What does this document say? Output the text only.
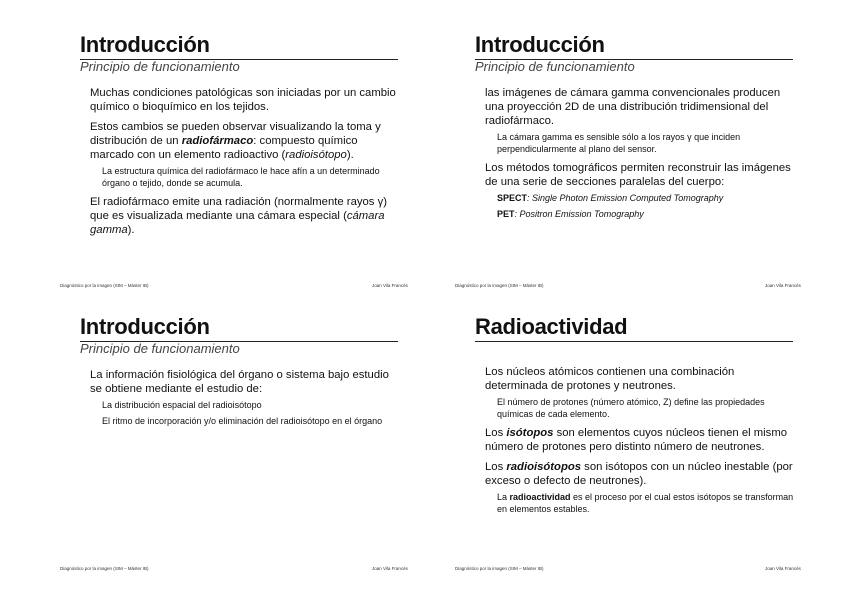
Introducción
Principio de funcionamiento

Muchas condiciones patológicas son iniciadas por un cambio químico o bioquímico en los tejidos.

Estos cambios se pueden observar visualizando la toma y distribución de un radiofármaco: compuesto químico marcado con un elemento radioactivo (radioisótopo).

La estructura química del radiofármaco le hace afín a un determinado órgano o tejido, donde se acumula.

El radiofármaco emite una radiación (normalmente rayos γ) que es visualizada mediante una cámara especial (cámara gamma).

Diagnóstico por la imagen (SIM – Máster IB)	Joan Vila Francés
Introducción
Principio de funcionamiento

las imágenes de cámara gamma convencionales producen una proyección 2D de una distribución tridimensional del radiofármaco.

La cámara gamma es sensible sólo a los rayos γ que inciden perpendicularmente al plano del sensor.

Los métodos tomográficos permiten reconstruir las imágenes de una serie de secciones paralelas del cuerpo:

SPECT: Single Photon Emission Computed Tomography

PET: Positron Emission Tomography

Diagnóstico por la imagen (SIM – Máster IB)	Joan Vila Francés
Introducción
Principio de funcionamiento

La información fisiológica del órgano o sistema bajo estudio se obtiene mediante el estudio de:

La distribución espacial del radioisótopo

El ritmo de incorporación y/o eliminación del radioisótopo en el órgano

Diagnóstico por la imagen (SIM – Máster IB)	Joan Vila Francés
Radioactividad

Los núcleos atómicos contienen una combinación determinada de protones y neutrones.

El número de protones (número atómico, Z) define las propiedades químicas de cada elemento.

Los isótopos son elementos cuyos núcleos tienen el mismo número de protones pero distinto número de neutrones.

Los radioisótopos son isótopos con un núcleo inestable (por exceso o defecto de neutrones).

La radioactividad es el proceso por el cual estos isótopos se transforman en elementos estables.

Diagnóstico por la imagen (SIM – Máster IB)	Joan Vila Francés
